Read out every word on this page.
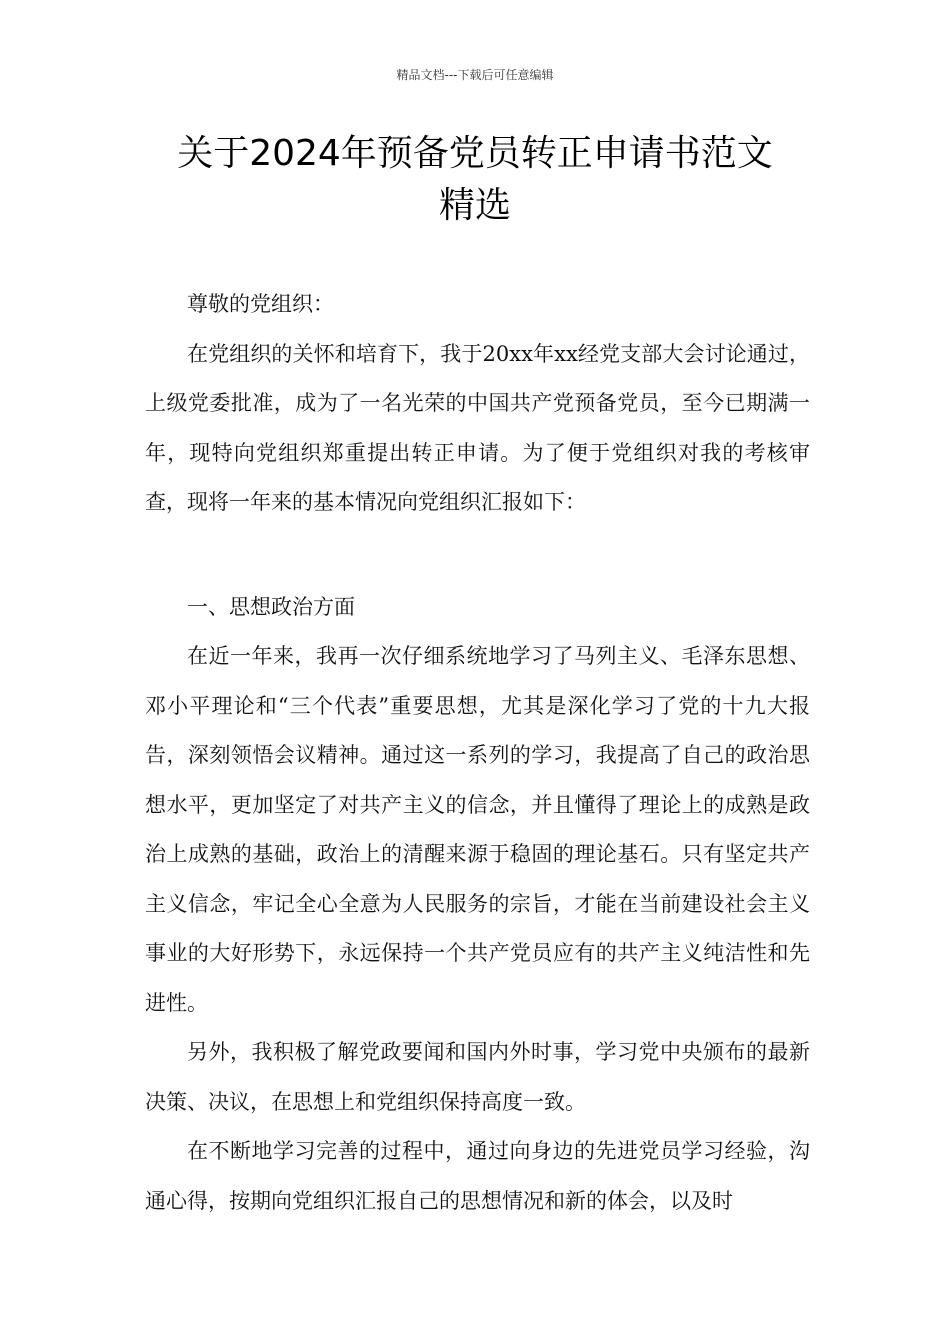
精品文档---下载后可任意编辑
关于2024年预备党员转正申请书范文
精选

尊敬的党组织：

在党组织的关怀和培育下，我于20xx年xx经党支部大会讨论通过，上级党委批准，成为了一名光荣的中国共产党预备党员，至今已期满一年，现特向党组织郑重提出转正申请。为了便于党组织对我的考核审查，现将一年来的基本情况向党组织汇报如下：

一、思想政治方面

在近一年来，我再一次仔细系统地学习了马列主义、毛泽东思想、邓小平理论和“三个代表”重要思想，尤其是深化学习了党的十九大报告，深刻领悟会议精神。通过这一系列的学习，我提高了自己的政治思想水平，更加坚定了对共产主义的信念，并且懂得了理论上的成熟是政治上成熟的基础，政治上的清醒来源于稳固的理论基石。只有坚定共产主义信念，牢记全心全意为人民服务的宗旨，才能在当前建设社会主义事业的大好形势下，永远保持一个共产党员应有的共产主义纯洁性和先进性。

另外，我积极了解党政要闻和国内外时事，学习党中央颁布的最新决策、决议，在思想上和党组织保持高度一致。

在不断地学习完善的过程中，通过向身边的先进党员学习经验，沟通心得，按期向党组织汇报自己的思想情况和新的体会，以及时
